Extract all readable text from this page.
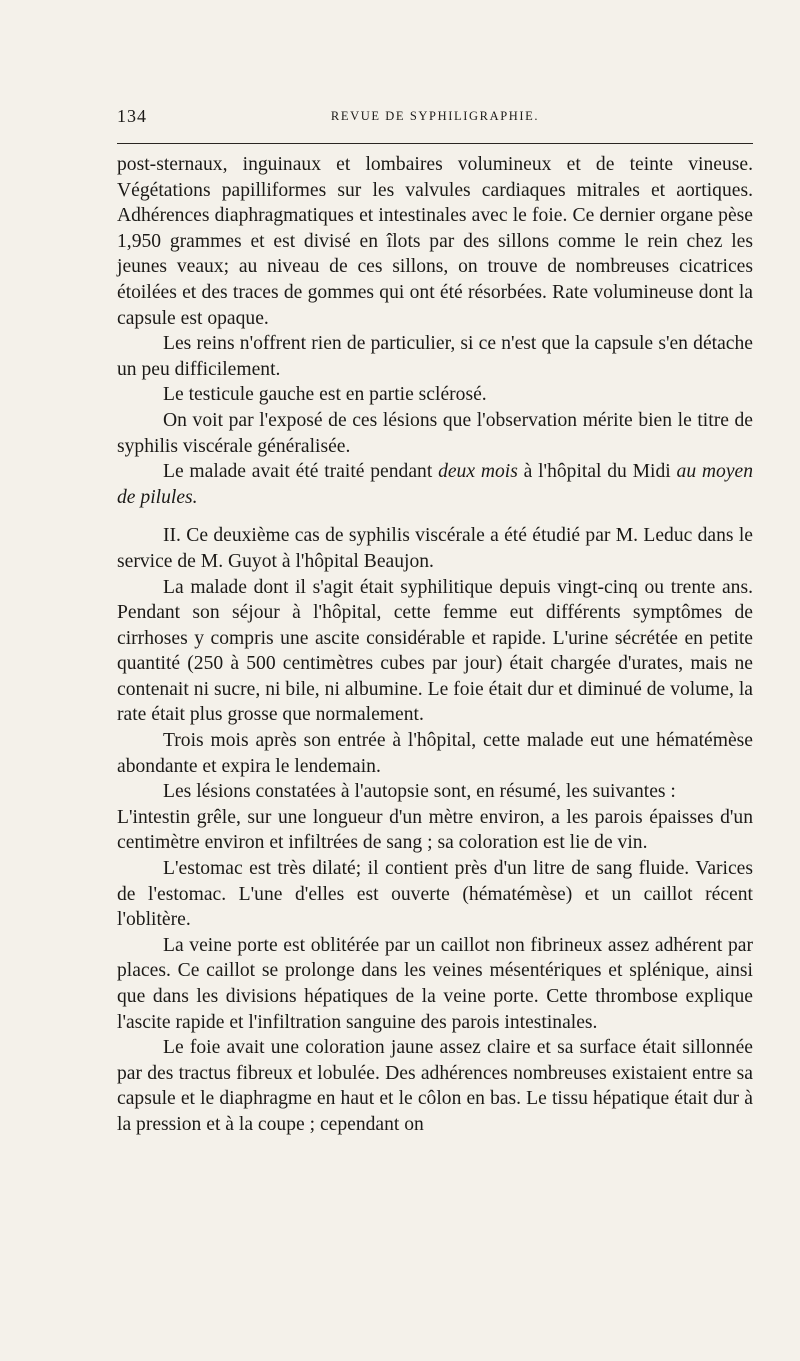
134	REVUE DE SYPHILIGRAPHIE.

post-sternaux, inguinaux et lombaires volumineux et de teinte vineuse. Végétations papilliformes sur les valvules cardiaques mitrales et aortiques. Adhérences diaphragmatiques et intestinales avec le foie. Ce dernier organe pèse 1,950 grammes et est divisé en îlots par des sillons comme le rein chez les jeunes veaux; au niveau de ces sillons, on trouve de nombreuses cicatrices étoilées et des traces de gommes qui ont été résorbées. Rate volumineuse dont la capsule est opaque.

Les reins n'offrent rien de particulier, si ce n'est que la capsule s'en détache un peu difficilement.

Le testicule gauche est en partie sclérosé.

On voit par l'exposé de ces lésions que l'observation mérite bien le titre de syphilis viscérale généralisée.

Le malade avait été traité pendant deux mois à l'hôpital du Midi au moyen de pilules.

II. Ce deuxième cas de syphilis viscérale a été étudié par M. Leduc dans le service de M. Guyot à l'hôpital Beaujon.

La malade dont il s'agit était syphilitique depuis vingt-cinq ou trente ans. Pendant son séjour à l'hôpital, cette femme eut différents symptômes de cirrhoses y compris une ascite considérable et rapide. L'urine sécrétée en petite quantité (250 à 500 centimètres cubes par jour) était chargée d'urates, mais ne contenait ni sucre, ni bile, ni albumine. Le foie était dur et diminué de volume, la rate était plus grosse que normalement.

Trois mois après son entrée à l'hôpital, cette malade eut une hématémèse abondante et expira le lendemain.

Les lésions constatées à l'autopsie sont, en résumé, les suivantes :

L'intestin grêle, sur une longueur d'un mètre environ, a les parois épaisses d'un centimètre environ et infiltrées de sang ; sa coloration est lie de vin.

L'estomac est très dilaté; il contient près d'un litre de sang fluide. Varices de l'estomac. L'une d'elles est ouverte (hématémèse) et un caillot récent l'oblitère.

La veine porte est oblitérée par un caillot non fibrineux assez adhérent par places. Ce caillot se prolonge dans les veines mésentériques et splénique, ainsi que dans les divisions hépatiques de la veine porte. Cette thrombose explique l'ascite rapide et l'infiltration sanguine des parois intestinales.

Le foie avait une coloration jaune assez claire et sa surface était sillonnée par des tractus fibreux et lobulée. Des adhérences nombreuses existaient entre sa capsule et le diaphragme en haut et le côlon en bas. Le tissu hépatique était dur à la pression et à la coupe ; cependant on
